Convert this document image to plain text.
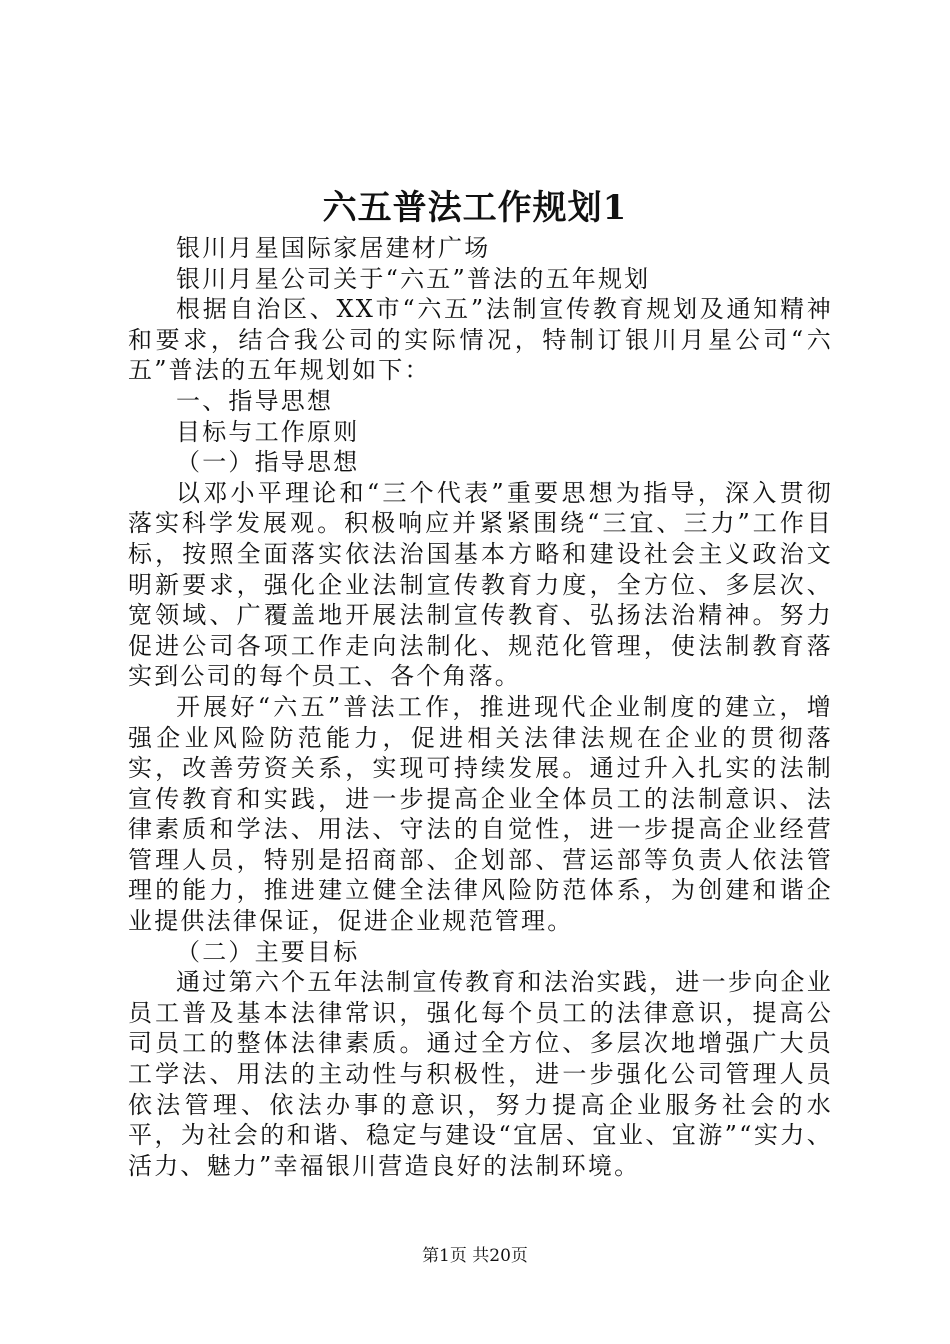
六五普法工作规划1

银川月星国际家居建材广场

银川月星公司关于“六五”普法的五年规划

根据自治区、XX市“六五”法制宣传教育规划及通知精神和要求，结合我公司的实际情况，特制订银川月星公司“六五”普法的五年规划如下：

一、指导思想

目标与工作原则

（一）指导思想

以邓小平理论和“三个代表”重要思想为指导，深入贯彻落实科学发展观。积极响应并紧紧围绕“三宜、三力”工作目标，按照全面落实依法治国基本方略和建设社会主义政治文明新要求，强化企业法制宣传教育力度，全方位、多层次、宽领域、广覆盖地开展法制宣传教育、弘扬法治精神。努力促进公司各项工作走向法制化、规范化管理，使法制教育落实到公司的每个员工、各个角落。

开展好“六五”普法工作，推进现代企业制度的建立，增强企业风险防范能力，促进相关法律法规在企业的贯彻落实，改善劳资关系，实现可持续发展。通过升入扎实的法制宣传教育和实践，进一步提高企业全体员工的法制意识、法律素质和学法、用法、守法的自觉性，进一步提高企业经营管理人员，特别是招商部、企划部、营运部等负责人依法管理的能力，推进建立健全法律风险防范体系，为创建和谐企业提供法律保证，促进企业规范管理。

（二）主要目标

通过第六个五年法制宣传教育和法治实践，进一步向企业员工普及基本法律常识，强化每个员工的法律意识，提高公司员工的整体法律素质。通过全方位、多层次地增强广大员工学法、用法的主动性与积极性，进一步强化公司管理人员依法管理、依法办事的意识，努力提高企业服务社会的水平，为社会的和谐、稳定与建设“宜居、宜业、宜游”“实力、活力、魅力”幸福银川营造良好的法制环境。

第1页 共20页
